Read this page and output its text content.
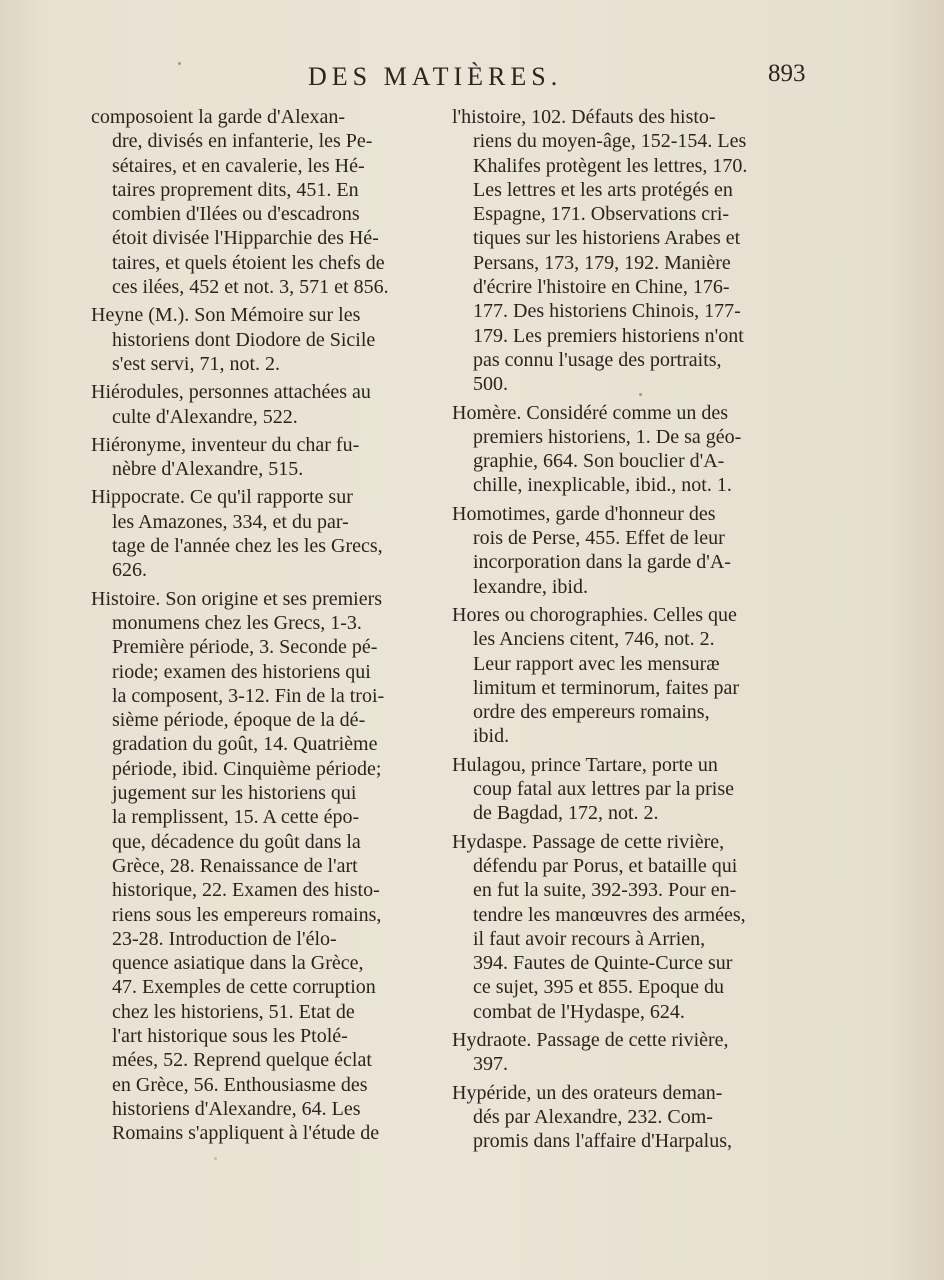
DES MATIÈRES.	893
composoient la garde d'Alexan-
dre, divisés en infanterie, les Pe-
sétaires, et en cavalerie, les Hé-
taires proprement dits, 451. En
combien d'Ilées ou d'escadrons
étoit divisée l'Hipparchie des Hé-
taires, et quels étoient les chefs de
ces ilées, 452 et not. 3, 571 et 856.
Heyne (M.). Son Mémoire sur les
historiens dont Diodore de Sicile
s'est servi, 71, not. 2.
Hiérodules, personnes attachées au
culte d'Alexandre, 522.
Hiéronyme, inventeur du char fu-
nèbre d'Alexandre, 515.
Hippocrate. Ce qu'il rapporte sur
les Amazones, 334, et du par-
tage de l'année chez les les Grecs,
626.
Histoire. Son origine et ses premiers
monumens chez les Grecs, 1-3.
Première période, 3. Seconde pé-
riode; examen des historiens qui
la composent, 3-12. Fin de la troi-
sième période, époque de la dé-
gradation du goût, 14. Quatrième
période, ibid. Cinquième période;
jugement sur les historiens qui
la remplissent, 15. A cette épo-
que, décadence du goût dans la
Grèce, 28. Renaissance de l'art
historique, 22. Examen des histo-
riens sous les empereurs romains,
23-28. Introduction de l'élo-
quence asiatique dans la Grèce,
47. Exemples de cette corruption
chez les historiens, 51. Etat de
l'art historique sous les Ptolé-
mées, 52. Reprend quelque éclat
en Grèce, 56. Enthousiasme des
historiens d'Alexandre, 64. Les
Romains s'appliquent à l'étude de
l'histoire, 102. Défauts des histo-
riens du moyen-âge, 152-154. Les
Khalifes protègent les lettres, 170.
Les lettres et les arts protégés en
Espagne, 171. Observations cri-
tiques sur les historiens Arabes et
Persans, 173, 179, 192. Manière
d'écrire l'histoire en Chine, 176-
177. Des historiens Chinois, 177-
179. Les premiers historiens n'ont
pas connu l'usage des portraits,
500.
Homère. Considéré comme un des
premiers historiens, 1. De sa géo-
graphie, 664. Son bouclier d'A-
chille, inexplicable, ibid., not. 1.
Homotimes, garde d'honneur des
rois de Perse, 455. Effet de leur
incorporation dans la garde d'A-
lexandre, ibid.
Hores ou chorographies. Celles que
les Anciens citent, 746, not. 2.
Leur rapport avec les mensuræ
limitum et terminorum, faites par
ordre des empereurs romains,
ibid.
Hulagou, prince Tartare, porte un
coup fatal aux lettres par la prise
de Bagdad, 172, not. 2.
Hydaspe. Passage de cette rivière,
défendu par Porus, et bataille qui
en fut la suite, 392-393. Pour en-
tendre les manœuvres des armées,
il faut avoir recours à Arrien,
394. Fautes de Quinte-Curce sur
ce sujet, 395 et 855. Epoque du
combat de l'Hydaspe, 624.
Hydraote. Passage de cette rivière,
397.
Hypéride, un des orateurs deman-
dés par Alexandre, 232. Com-
promis dans l'affaire d'Harpalus,
